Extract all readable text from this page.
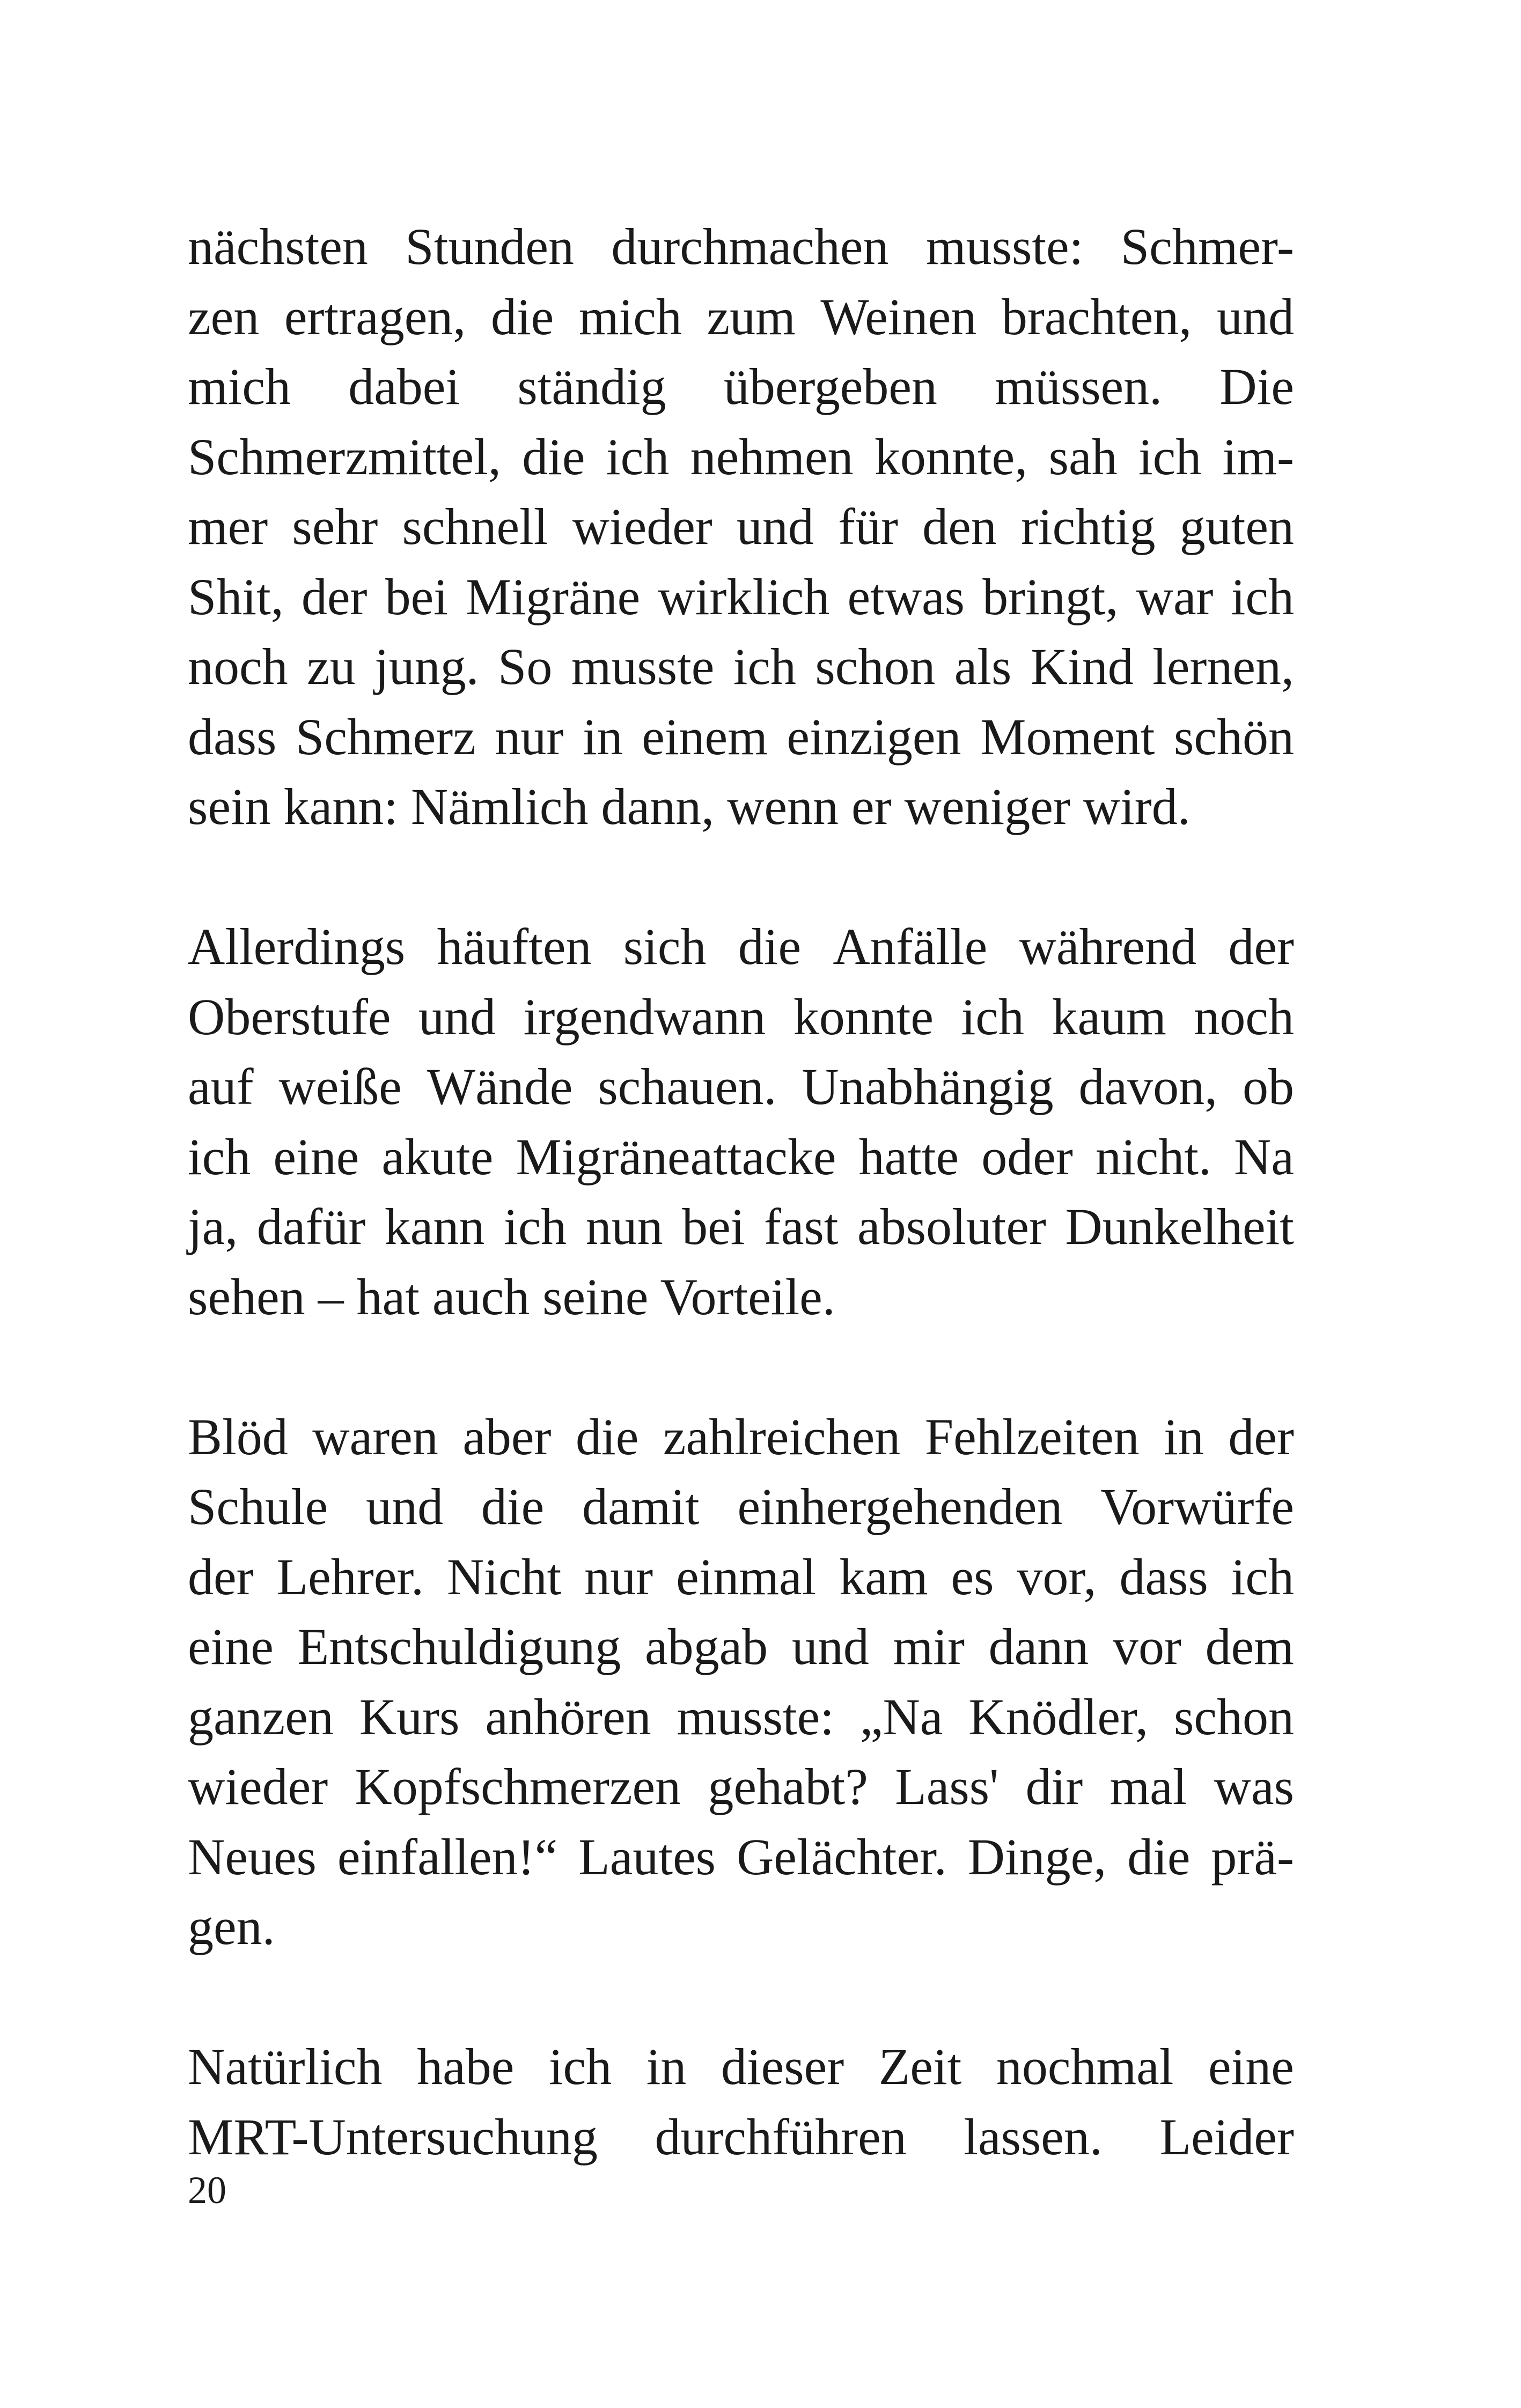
nächsten Stunden durchmachen musste: Schmer-
zen ertragen, die mich zum Weinen brachten, und
mich dabei ständig übergeben müssen. Die
Schmerzmittel, die ich nehmen konnte, sah ich im-
mer sehr schnell wieder und für den richtig guten
Shit, der bei Migräne wirklich etwas bringt, war ich
noch zu jung. So musste ich schon als Kind lernen,
dass Schmerz nur in einem einzigen Moment schön
sein kann: Nämlich dann, wenn er weniger wird.
Allerdings häuften sich die Anfälle während der
Oberstufe und irgendwann konnte ich kaum noch
auf weiße Wände schauen. Unabhängig davon, ob
ich eine akute Migräneattacke hatte oder nicht. Na
ja, dafür kann ich nun bei fast absoluter Dunkelheit
sehen – hat auch seine Vorteile.
Blöd waren aber die zahlreichen Fehlzeiten in der
Schule und die damit einhergehenden Vorwürfe
der Lehrer. Nicht nur einmal kam es vor, dass ich
eine Entschuldigung abgab und mir dann vor dem
ganzen Kurs anhören musste: „Na Knödler, schon
wieder Kopfschmerzen gehabt? Lass' dir mal was
Neues einfallen!“ Lautes Gelächter. Dinge, die prä-
gen.
Natürlich habe ich in dieser Zeit nochmal eine
MRT-Untersuchung durchführen lassen. Leider
20
